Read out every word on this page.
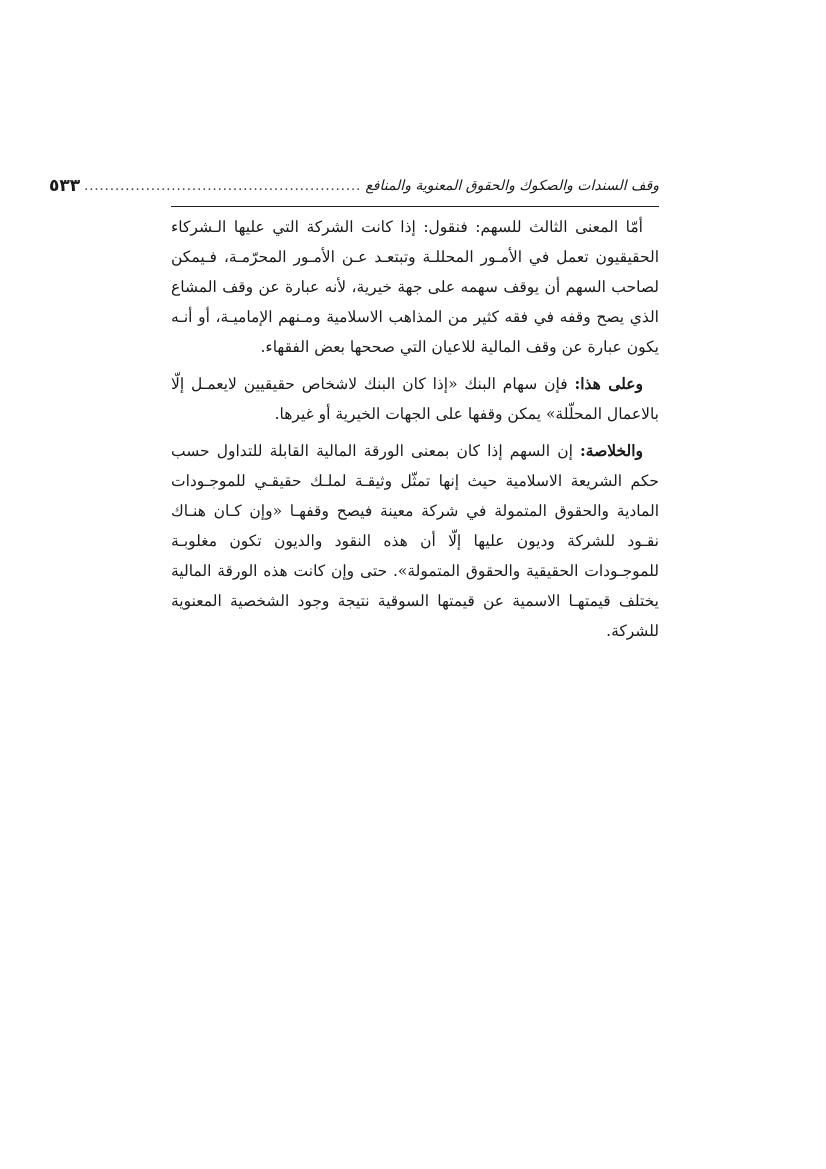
وقف السندات والصكوك والحقوق المعنوية والمنافع
......................................................
٥٣٣

أمّا المعنى الثالث للسهم: فنقول: إذا كانت الشركة التي عليها الـشركاء الحقيقيون تعمل في الأمـور المحللـة وتبتعـد عـن الأمـور المحرّمـة، فـيمكن لصاحب السهم أن يوقف سهمه على جهة خيرية، لأنه عبارة عن وقف المشاع الذي يصح وقفه في فقه كثير من المذاهب الاسلامية ومـنهم الإماميـة، أو أنـه يكون عبارة عن وقف المالية للاعيان التي صححها بعض الفقهاء.

وعلى هذا: فإن سهام البنك «إذا كان البنك لاشخاص حقيقيين لايعمـل إلّا بالاعمال المحلّلة» يمكن وقفها على الجهات الخيرية أو غيرها.

والخلاصة: إن السهم إذا كان بمعنى الورقة المالية القابلة للتداول حسب حكم الشريعة الاسلامية حيث إنها تمثّل وثيقـة لملـك حقيقـي للموجـودات المادية والحقوق المتمولة في شركة معينة فيصح وقفهـا «وإن كـان هنـاك نقـود للشركة وديون عليها إلّا أن هذه النقود والديون تكون مغلوبـة للموجـودات الحقيقية والحقوق المتمولة». حتى وإن كانت هذه الورقة المالية يختلف قيمتهـا الاسمية عن قيمتها السوقية نتيجة وجود الشخصية المعنوية للشركة.
